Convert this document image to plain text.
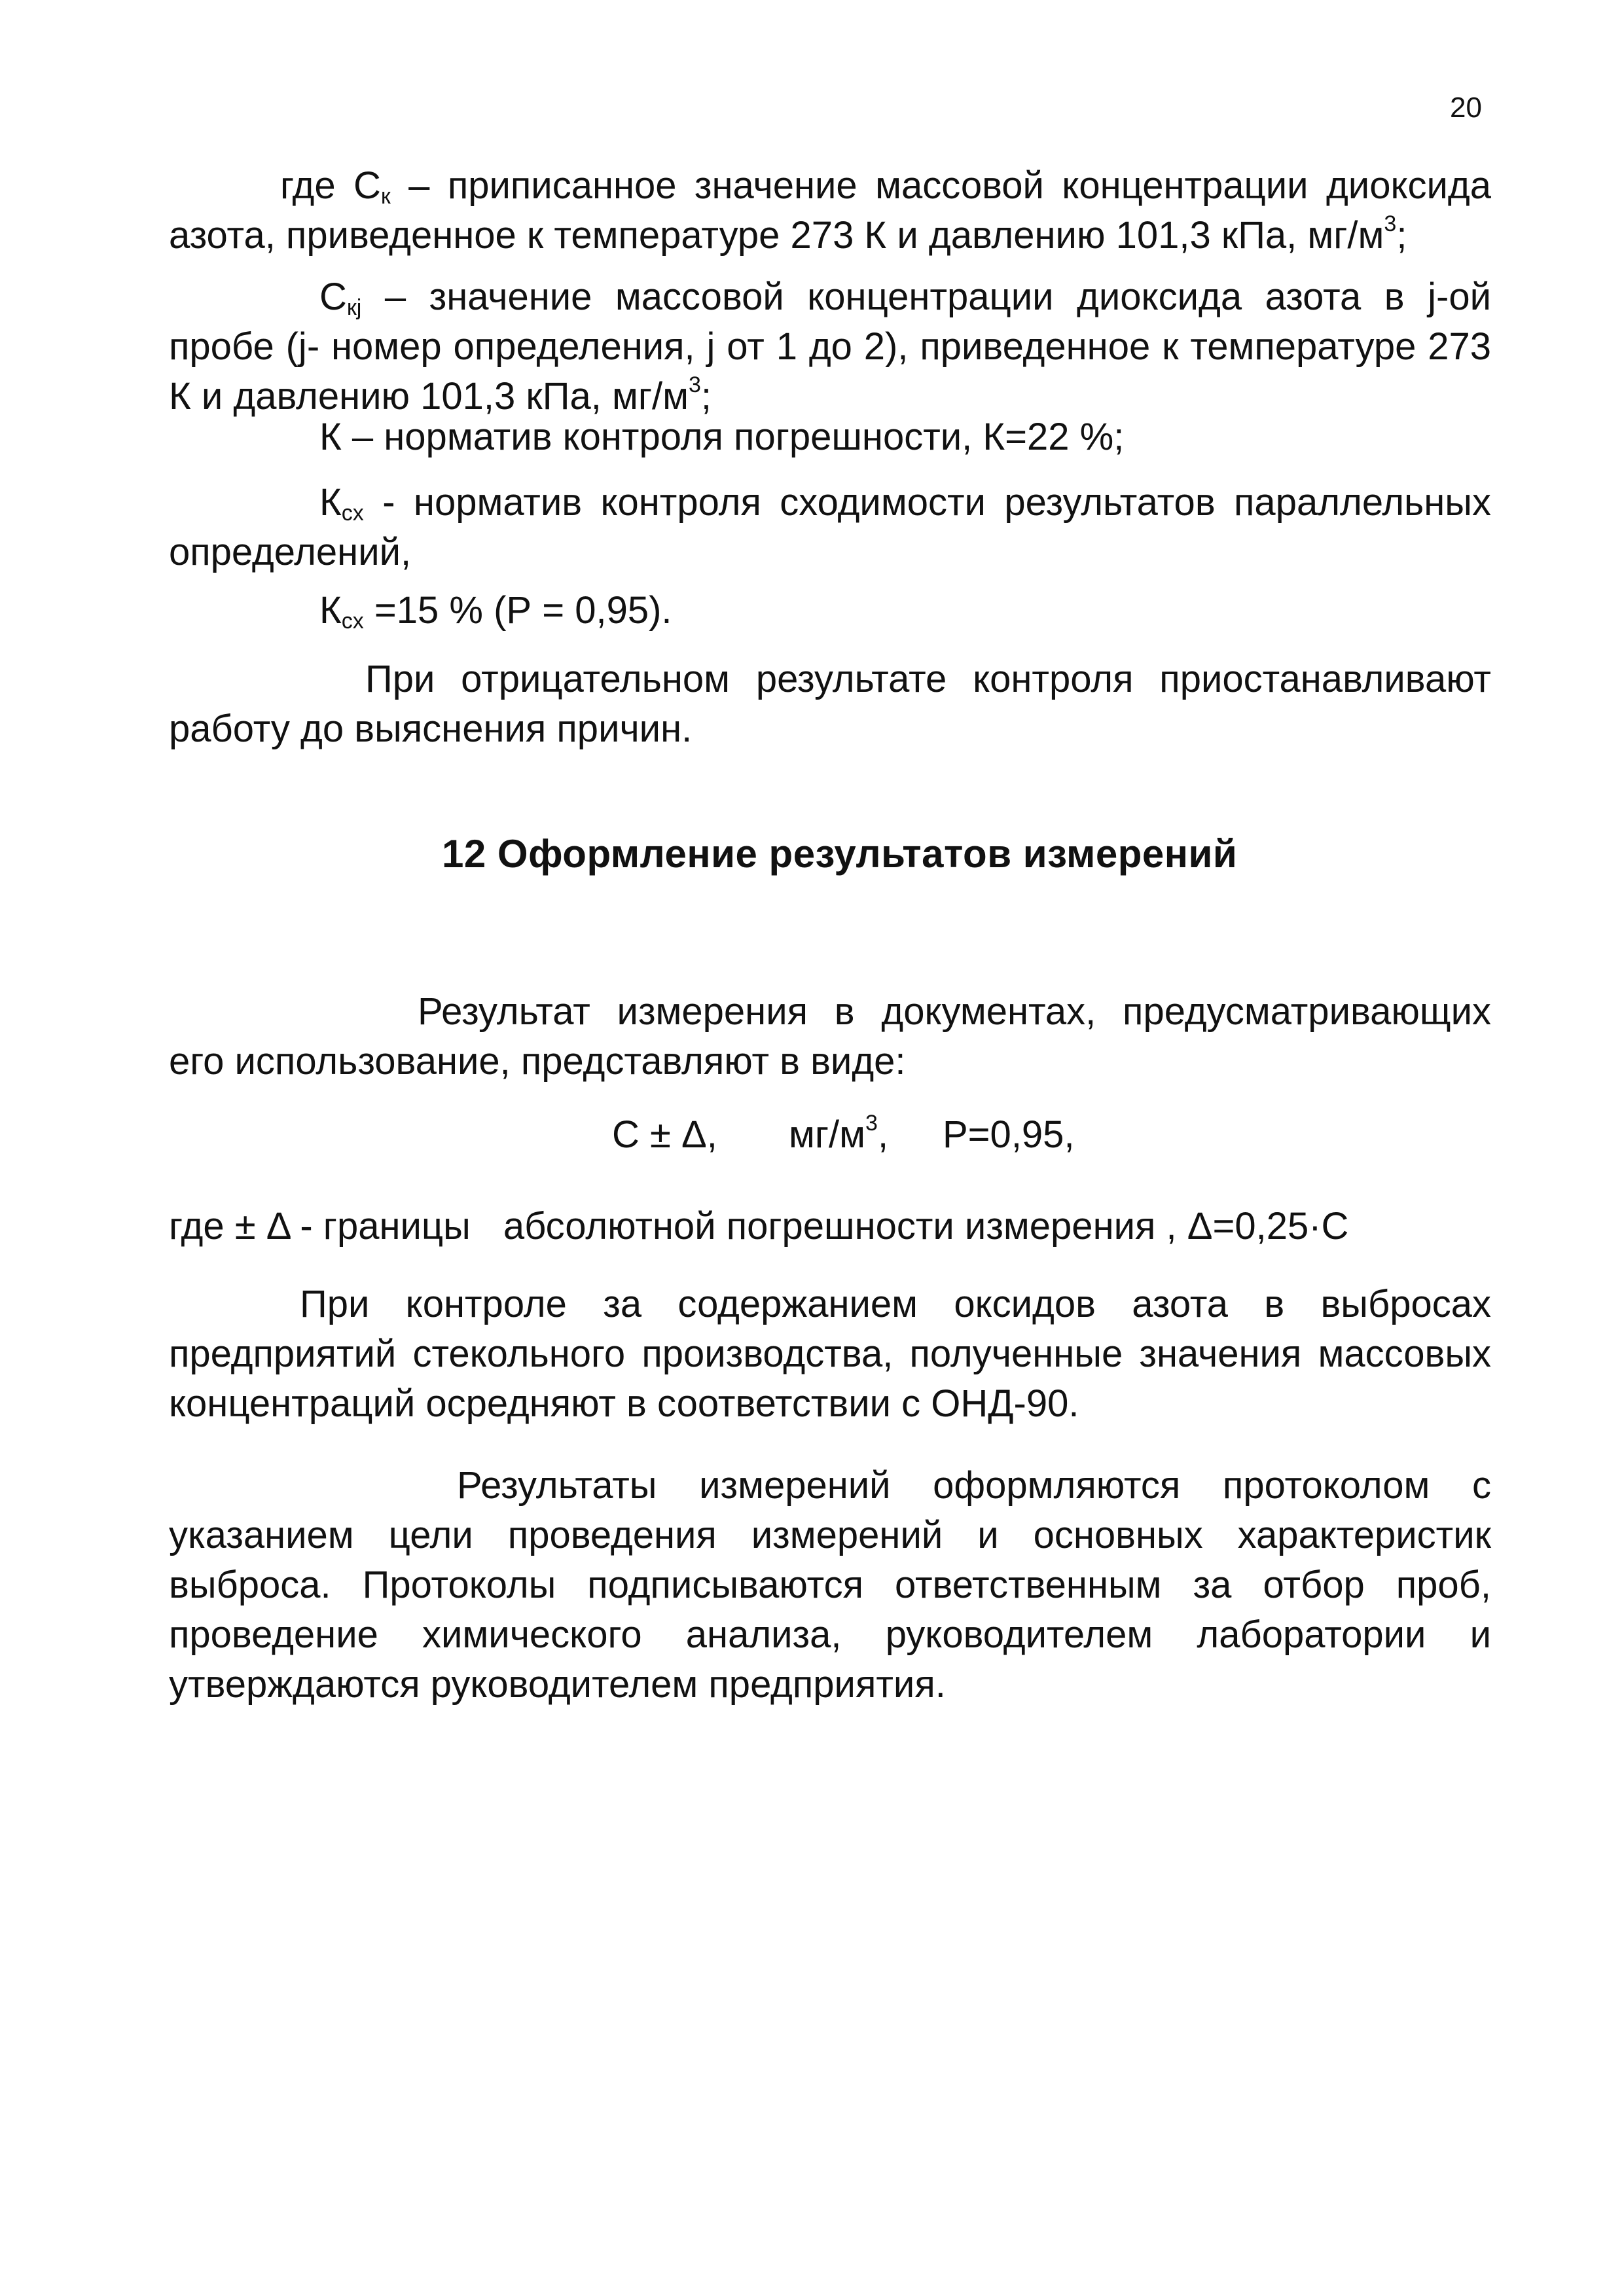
20

где $С_к$ – приписанное значение массовой концентрации диоксида азота, приведенное к температуре 273 К и давлению 101,3 кПа, $мг/м^3$;

$С_{кj}$ – значение массовой концентрации диоксида азота в j-ой пробе (j- номер определения, j от 1 до 2), приведенное к температуре 273 К и давлению 101,3 кПа, $мг/м^3$;

К – норматив контроля погрешности, К=22 %;

$К_{сх}$ - норматив контроля сходимости результатов параллельных определений,

$К_{сх} =15$ % (Р = 0,95).

При отрицательном результате контроля приостанавливают работу до выяснения причин.

12 Оформление результатов измерений

Результат измерения в документах, предусматривающих его использование, представляют в виде:

С ± Δ, $мг/м^3$, Р=0,95,

где ± Δ - границы абсолютной погрешности измерения , Δ=0,25·С

При контроле за содержанием оксидов азота в выбросах предприятий стекольного производства, полученные значения массовых концентраций осредняют в соответствии с ОНД-90.

Результаты измерений оформляются протоколом с указанием цели проведения измерений и основных характеристик выброса. Протоколы подписываются ответственным за отбор проб, проведение химического анализа, руководителем лаборатории и утверждаются руководителем предприятия.
